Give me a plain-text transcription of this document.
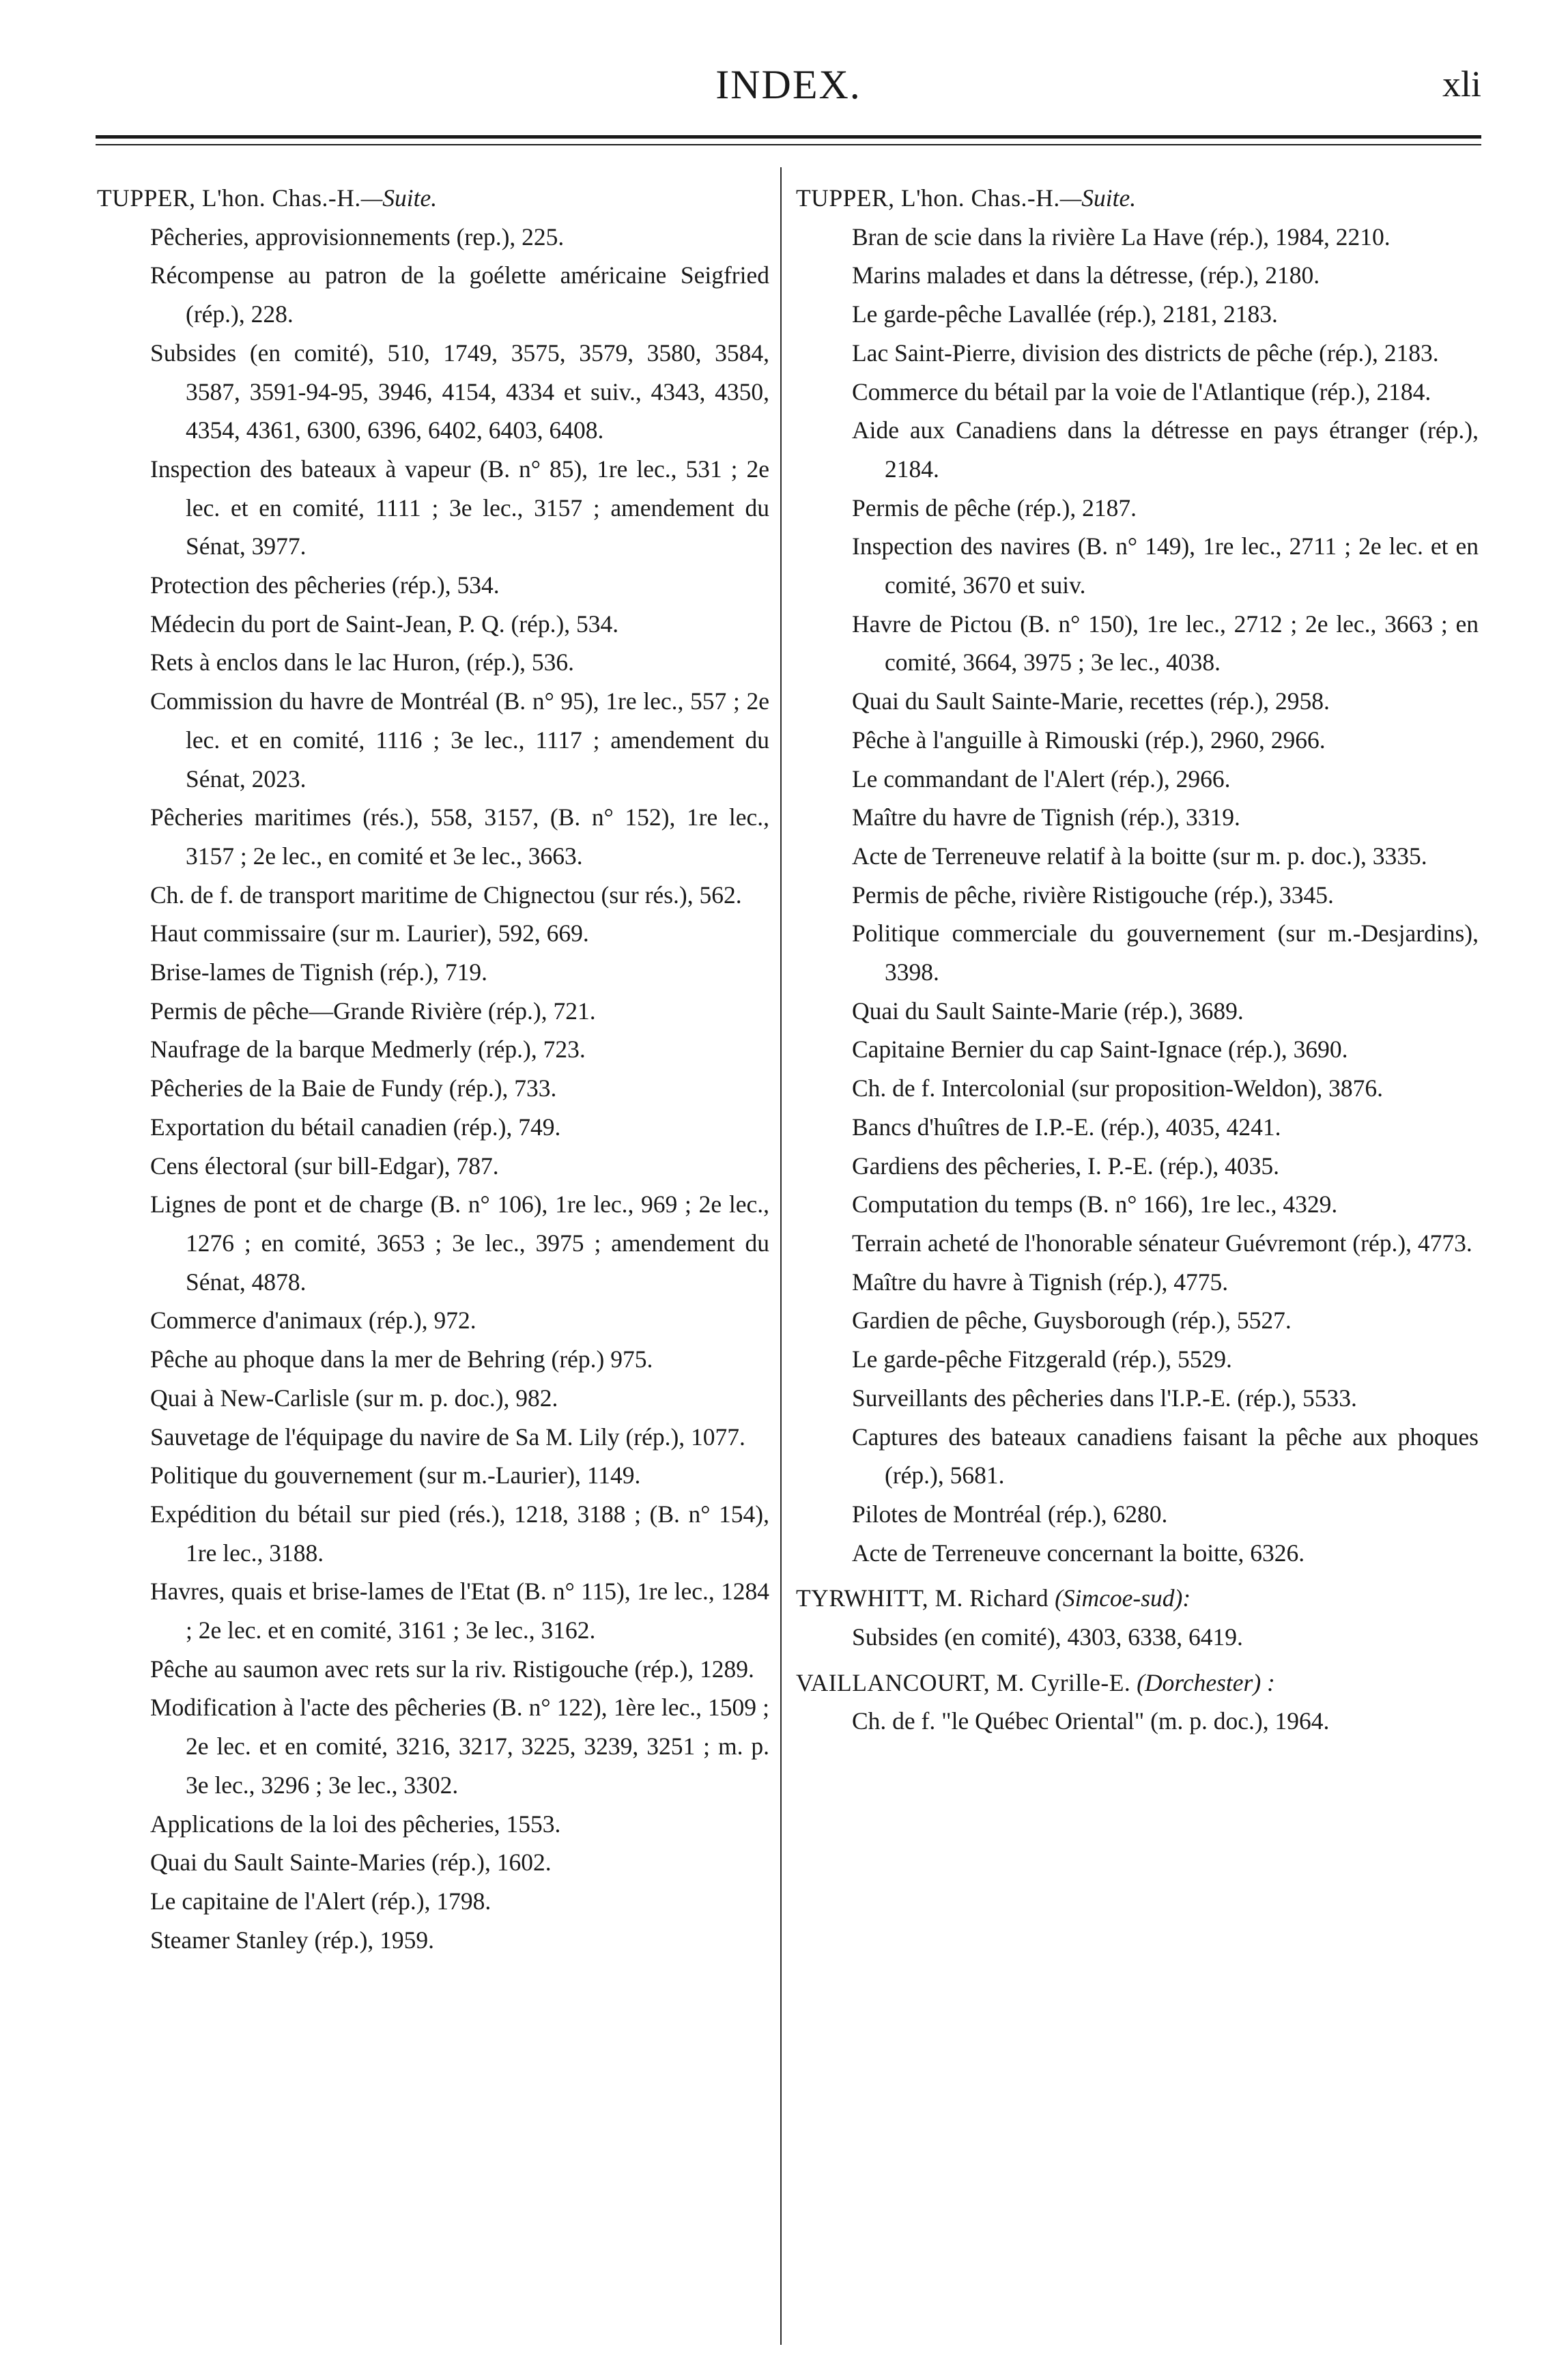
INDEX.	xli
TUPPER, L'hon. Chas.-H.—Suite.
Pêcheries, approvisionnements (rep.), 225.
Récompense au patron de la goélette américaine Seigfried (rép.), 228.
Subsides (en comité), 510, 1749, 3575, 3579, 3580, 3584, 3587, 3591-94-95, 3946, 4154, 4334 et suiv., 4343, 4350, 4354, 4361, 6300, 6396, 6402, 6403, 6408.
Inspection des bateaux à vapeur (B. n° 85), 1re lec., 531 ; 2e lec. et en comité, 1111 ; 3e lec., 3157 ; amendement du Sénat, 3977.
Protection des pêcheries (rép.), 534.
Médecin du port de Saint-Jean, P. Q. (rép.), 534.
Rets à enclos dans le lac Huron, (rép.), 536.
Commission du havre de Montréal (B. n° 95), 1re lec., 557 ; 2e lec. et en comité, 1116 ; 3e lec., 1117 ; amendement du Sénat, 2023.
Pêcheries maritimes (rés.), 558, 3157, (B. n° 152), 1re lec., 3157 ; 2e lec., en comité et 3e lec., 3663.
Ch. de f. de transport maritime de Chignectou (sur rés.), 562.
Haut commissaire (sur m. Laurier), 592, 669.
Brise-lames de Tignish (rép.), 719.
Permis de pêche—Grande Rivière (rép.), 721.
Naufrage de la barque Medmerly (rép.), 723.
Pêcheries de la Baie de Fundy (rép.), 733.
Exportation du bétail canadien (rép.), 749.
Cens électoral (sur bill-Edgar), 787.
Lignes de pont et de charge (B. n° 106), 1re lec., 969 ; 2e lec., 1276 ; en comité, 3653 ; 3e lec., 3975 ; amendement du Sénat, 4878.
Commerce d'animaux (rép.), 972.
Pêche au phoque dans la mer de Behring (rép.) 975.
Quai à New-Carlisle (sur m. p. doc.), 982.
Sauvetage de l'équipage du navire de Sa M. Lily (rép.), 1077.
Politique du gouvernement (sur m.-Laurier), 1149.
Expédition du bétail sur pied (rés.), 1218, 3188 ; (B. n° 154), 1re lec., 3188.
Havres, quais et brise-lames de l'Etat (B. n° 115), 1re lec., 1284 ; 2e lec. et en comité, 3161 ; 3e lec., 3162.
Pêche au saumon avec rets sur la riv. Ristigouche (rép.), 1289.
Modification à l'acte des pêcheries (B. n° 122), 1ère lec., 1509 ; 2e lec. et en comité, 3216, 3217, 3225, 3239, 3251 ; m. p. 3e lec., 3296 ; 3e lec., 3302.
Applications de la loi des pêcheries, 1553.
Quai du Sault Sainte-Maries (rép.), 1602.
Le capitaine de l'Alert (rép.), 1798.
Steamer Stanley (rép.), 1959.
TUPPER, L'hon. Chas.-H.—Suite.
Bran de scie dans la rivière La Have (rép.), 1984, 2210.
Marins malades et dans la détresse, (rép.), 2180.
Le garde-pêche Lavallée (rép.), 2181, 2183.
Lac Saint-Pierre, division des districts de pêche (rép.), 2183.
Commerce du bétail par la voie de l'Atlantique (rép.), 2184.
Aide aux Canadiens dans la détresse en pays étranger (rép.), 2184.
Permis de pêche (rép.), 2187.
Inspection des navires (B. n° 149), 1re lec., 2711 ; 2e lec. et en comité, 3670 et suiv.
Havre de Pictou (B. n° 150), 1re lec., 2712 ; 2e lec., 3663 ; en comité, 3664, 3975 ; 3e lec., 4038.
Quai du Sault Sainte-Marie, recettes (rép.), 2958.
Pêche à l'anguille à Rimouski (rép.), 2960, 2966.
Le commandant de l'Alert (rép.), 2966.
Maître du havre de Tignish (rép.), 3319.
Acte de Terreneuve relatif à la boitte (sur m. p. doc.), 3335.
Permis de pêche, rivière Ristigouche (rép.), 3345.
Politique commerciale du gouvernement (sur m.-Desjardins), 3398.
Quai du Sault Sainte-Marie (rép.), 3689.
Capitaine Bernier du cap Saint-Ignace (rép.), 3690.
Ch. de f. Intercolonial (sur proposition-Weldon), 3876.
Bancs d'huîtres de I.P.-E. (rép.), 4035, 4241.
Gardiens des pêcheries, I. P.-E. (rép.), 4035.
Computation du temps (B. n° 166), 1re lec., 4329.
Terrain acheté de l'honorable sénateur Guévremont (rép.), 4773.
Maître du havre à Tignish (rép.), 4775.
Gardien de pêche, Guysborough (rép.), 5527.
Le garde-pêche Fitzgerald (rép.), 5529.
Surveillants des pêcheries dans l'I.P.-E. (rép.), 5533.
Captures des bateaux canadiens faisant la pêche aux phoques (rép.), 5681.
Pilotes de Montréal (rép.), 6280.
Acte de Terreneuve concernant la boitte, 6326.
TYRWHITT, M. Richard (Simcoe-sud):
Subsides (en comité), 4303, 6338, 6419.
VAILLANCOURT, M. Cyrille-E. (Dorchester) :
Ch. de f. "le Québec Oriental" (m. p. doc.), 1964.
